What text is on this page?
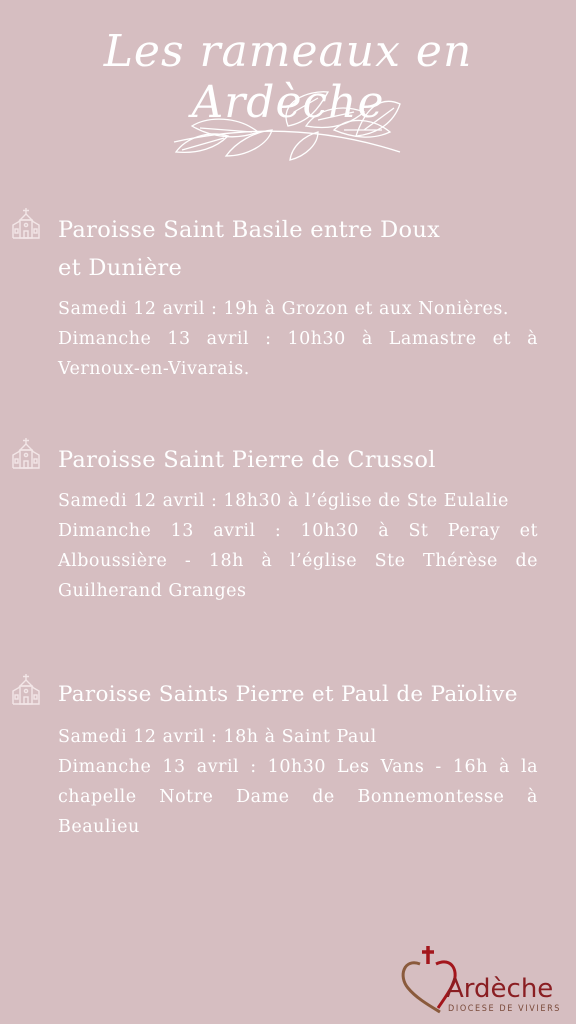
Les rameaux en Ardèche
Paroisse Saint Basile entre Doux
et Dunière

Samedi 12 avril : 19h à Grozon et aux Nonières.

Dimanche 13 avril : 10h30 à Lamastre et à Vernoux-en-Vivarais.

Paroisse Saint Pierre de Crussol

Samedi 12 avril : 18h30 à l’église de Ste Eulalie

Dimanche 13 avril : 10h30 à St Peray et Alboussière - 18h à l’église Ste Thérèse de Guilherand Granges

Paroisse Saints Pierre et Paul de Païolive

Samedi 12 avril : 18h à Saint Paul

Dimanche 13 avril : 10h30 Les Vans - 16h à la chapelle Notre Dame de Bonnemontesse à Beaulieu

Ardèche
DIOCESE DE VIVIERS
